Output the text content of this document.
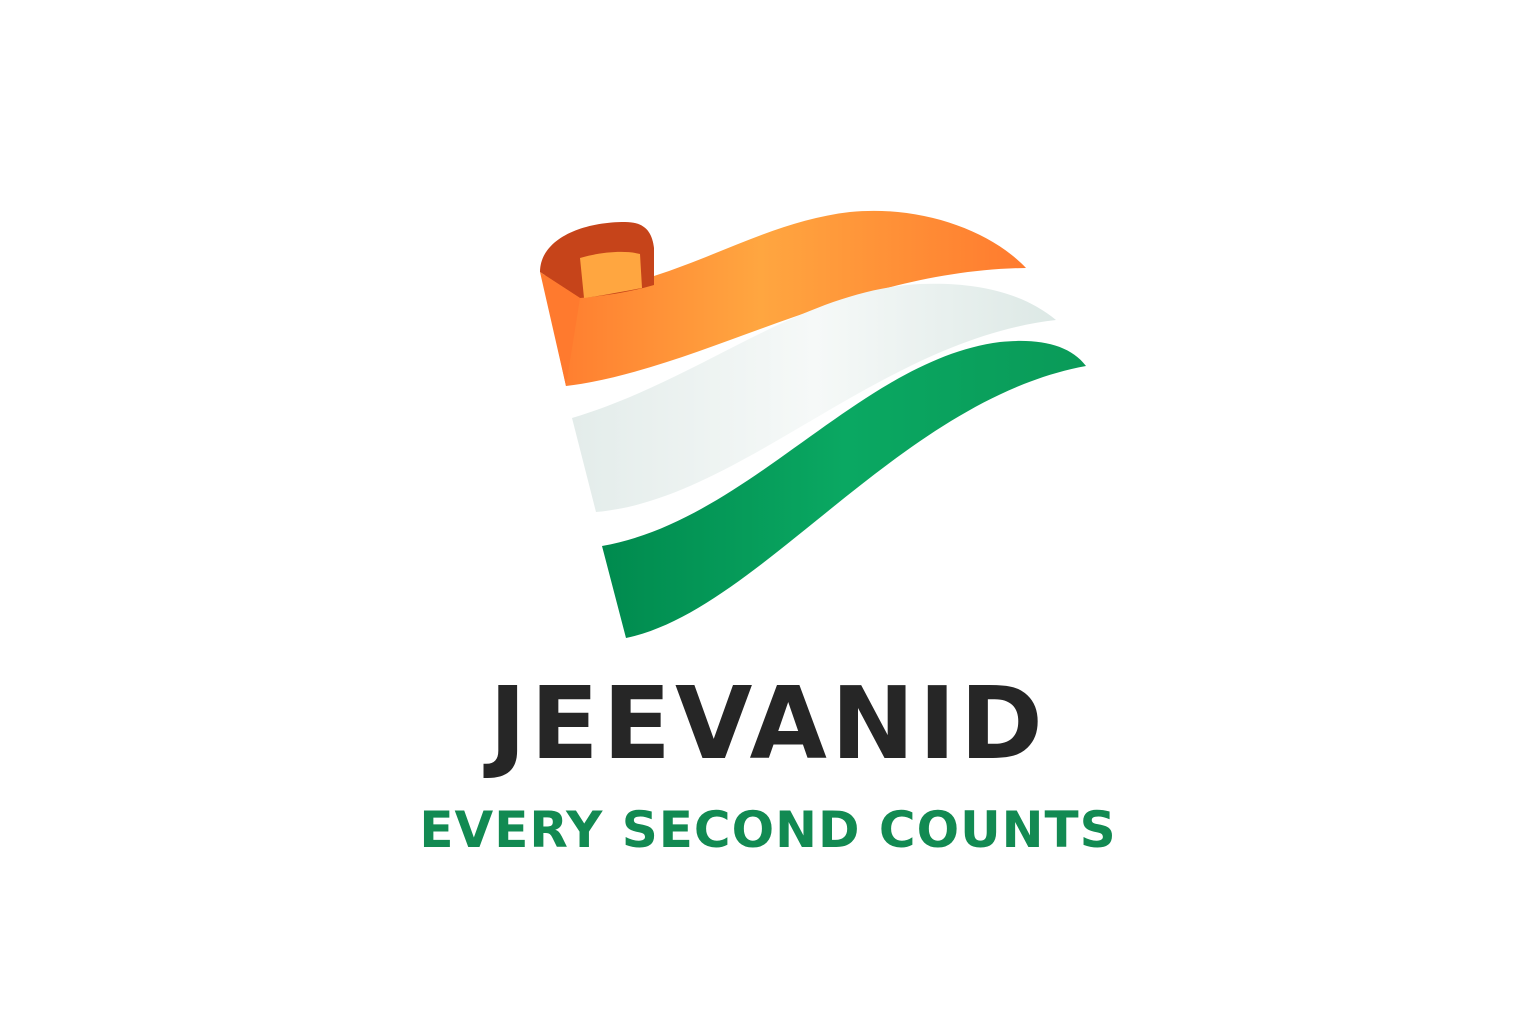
JEEVANID
EVERY SECOND COUNTS
